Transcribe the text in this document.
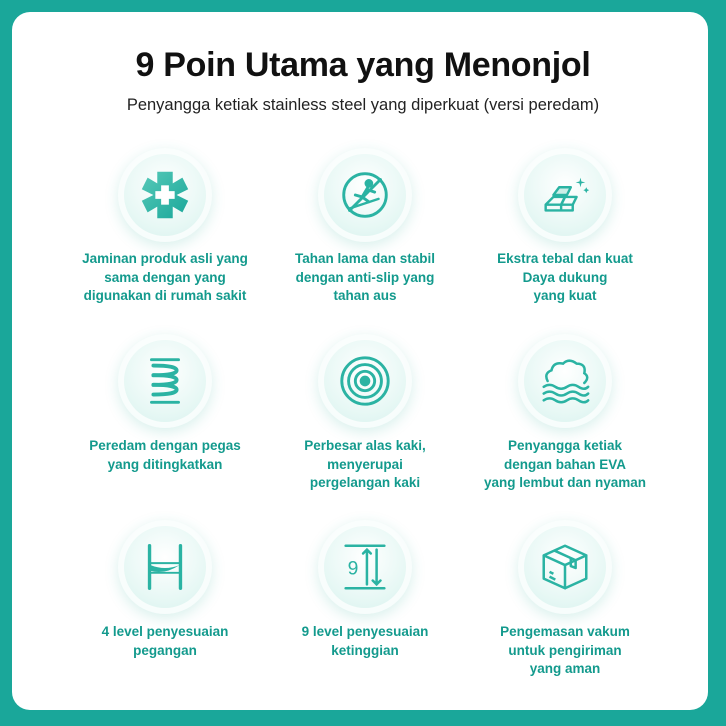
9 Poin Utama yang Menonjol
Penyangga ketiak stainless steel yang diperkuat (versi peredam)
Jaminan produk asli yang
sama dengan yang
digunakan di rumah sakit
Tahan lama dan stabil
dengan anti-slip yang
tahan aus
Ekstra tebal dan kuat
Daya dukung
yang kuat
Peredam dengan pegas
yang ditingkatkan
Perbesar alas kaki,
menyerupai
pergelangan kaki
Penyangga ketiak
dengan bahan EVA
yang lembut dan nyaman
4 level penyesuaian
pegangan
9
9 level penyesuaian
ketinggian
Pengemasan vakum
untuk pengiriman
yang aman
